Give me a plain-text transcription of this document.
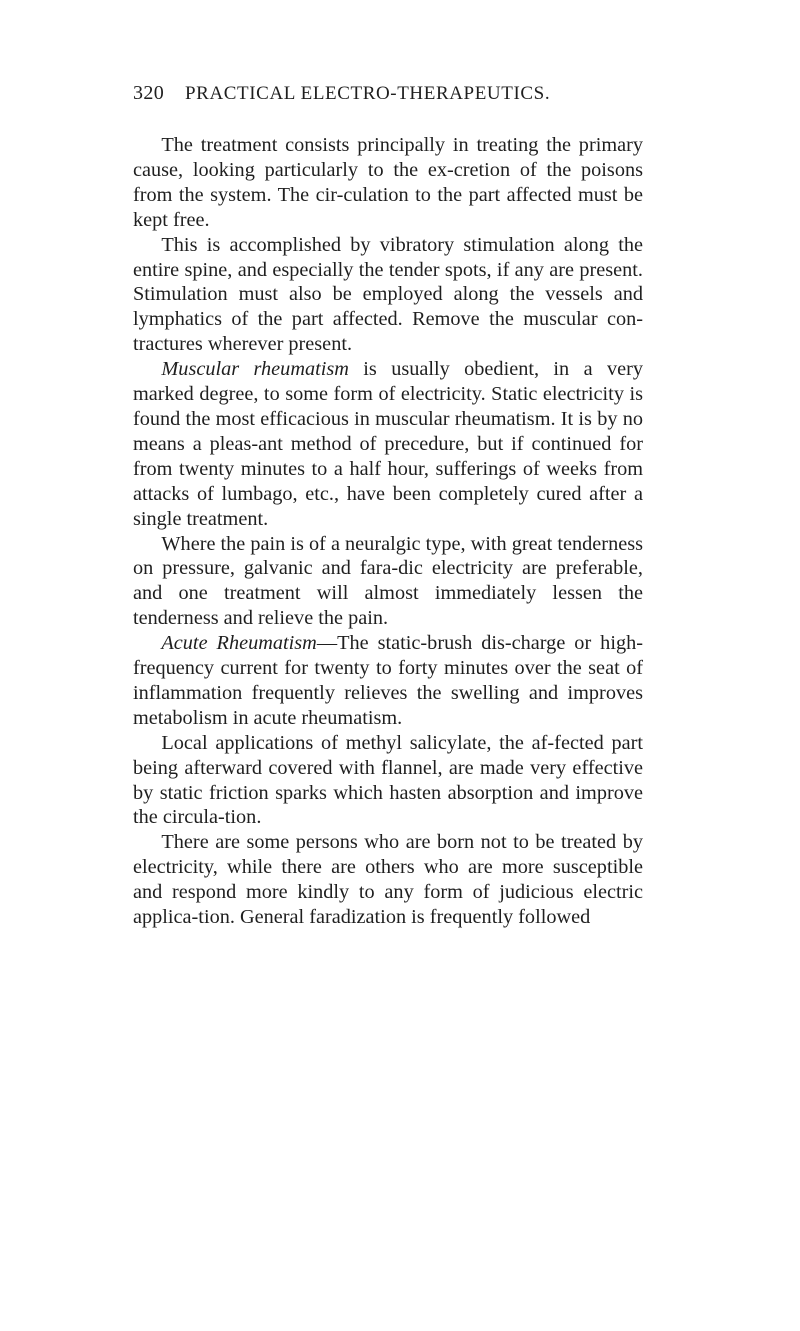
320 PRACTICAL ELECTRO-THERAPEUTICS.

The treatment consists principally in treating the primary cause, looking particularly to the ex-cretion of the poisons from the system. The cir-culation to the part affected must be kept free.

This is accomplished by vibratory stimulation along the entire spine, and especially the tender spots, if any are present. Stimulation must also be employed along the vessels and lymphatics of the part affected. Remove the muscular con-tractures wherever present.

Muscular rheumatism is usually obedient, in a very marked degree, to some form of electricity. Static electricity is found the most efficacious in muscular rheumatism. It is by no means a pleas-ant method of precedure, but if continued for from twenty minutes to a half hour, sufferings of weeks from attacks of lumbago, etc., have been completely cured after a single treatment.

Where the pain is of a neuralgic type, with great tenderness on pressure, galvanic and fara-dic electricity are preferable, and one treatment will almost immediately lessen the tenderness and relieve the pain.

Acute Rheumatism—The static-brush dis-charge or high-frequency current for twenty to forty minutes over the seat of inflammation frequently relieves the swelling and improves metabolism in acute rheumatism.

Local applications of methyl salicylate, the af-fected part being afterward covered with flannel, are made very effective by static friction sparks which hasten absorption and improve the circula-tion.

There are some persons who are born not to be treated by electricity, while there are others who are more susceptible and respond more kindly to any form of judicious electric applica-tion. General faradization is frequently followed
